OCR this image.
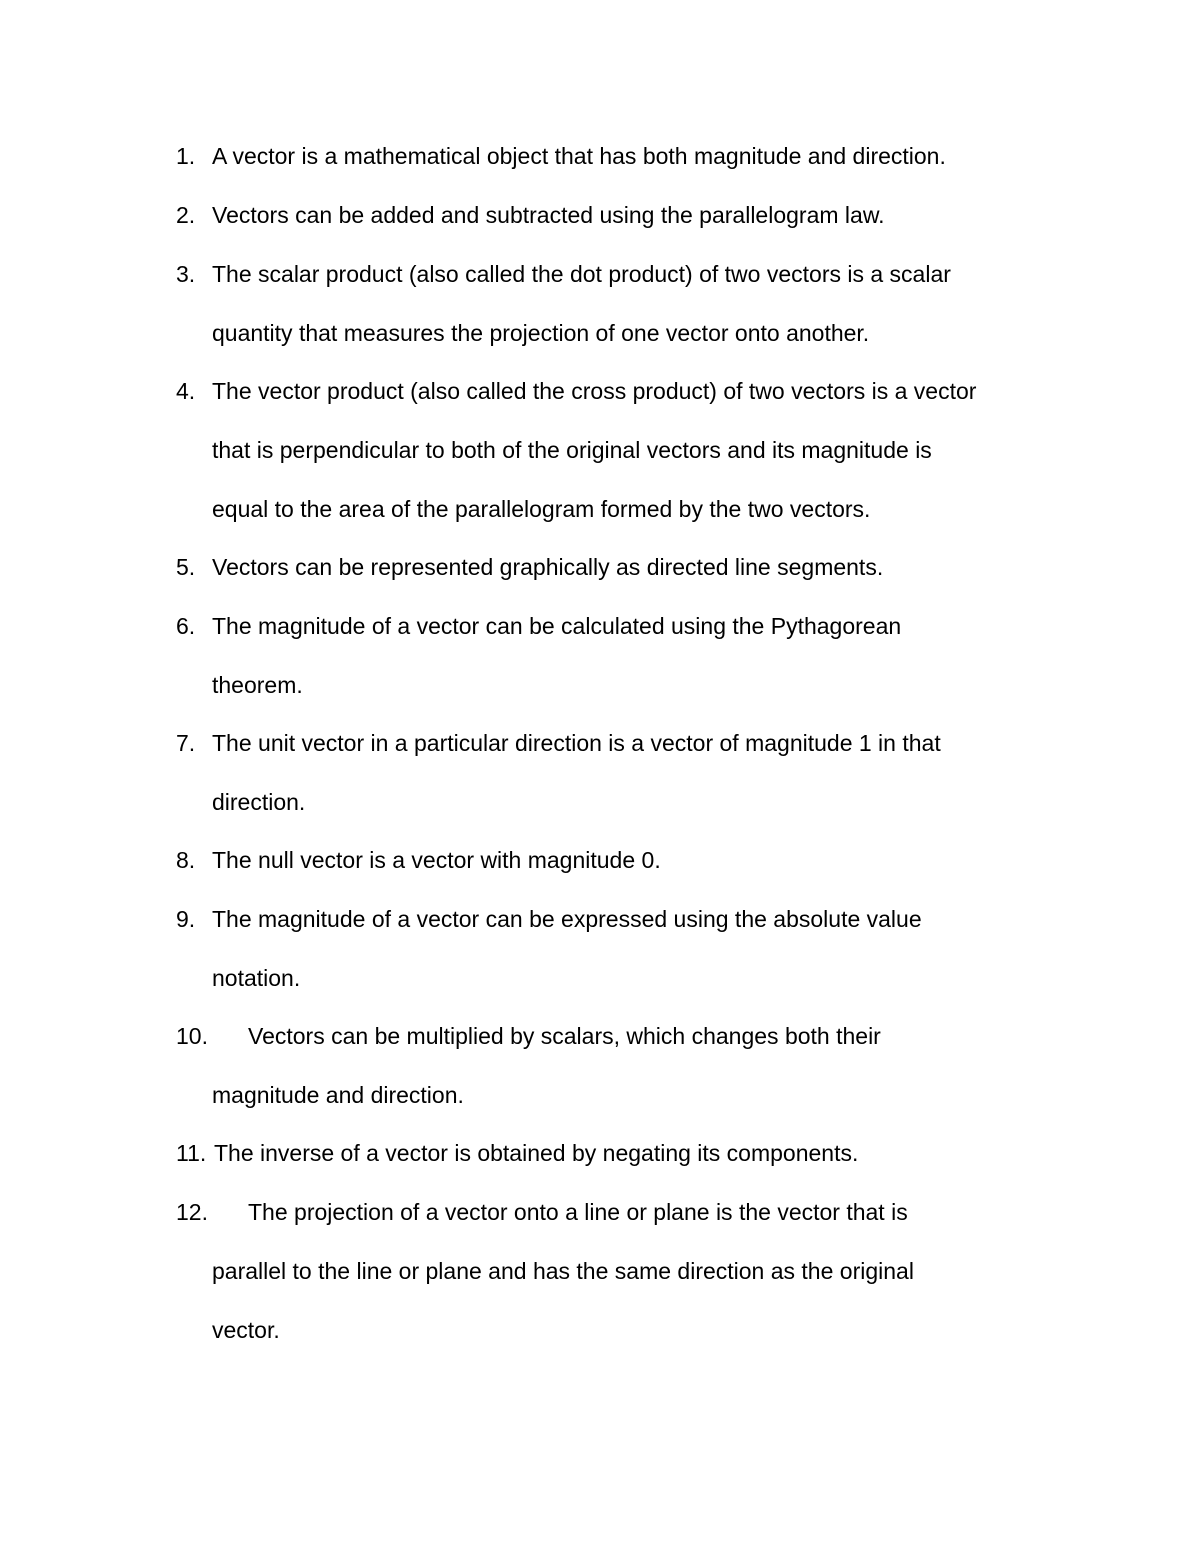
1. A vector is a mathematical object that has both magnitude and direction.
2. Vectors can be added and subtracted using the parallelogram law.
3. The scalar product (also called the dot product) of two vectors is a scalar
quantity that measures the projection of one vector onto another.
4. The vector product (also called the cross product) of two vectors is a vector
that is perpendicular to both of the original vectors and its magnitude is
equal to the area of the parallelogram formed by the two vectors.
5. Vectors can be represented graphically as directed line segments.
6. The magnitude of a vector can be calculated using the Pythagorean
theorem.
7. The unit vector in a particular direction is a vector of magnitude 1 in that
direction.
8. The null vector is a vector with magnitude 0.
9. The magnitude of a vector can be expressed using the absolute value
notation.
10.	Vectors can be multiplied by scalars, which changes both their
magnitude and direction.
11. The inverse of a vector is obtained by negating its components.
12.	The projection of a vector onto a line or plane is the vector that is
parallel to the line or plane and has the same direction as the original
vector.
